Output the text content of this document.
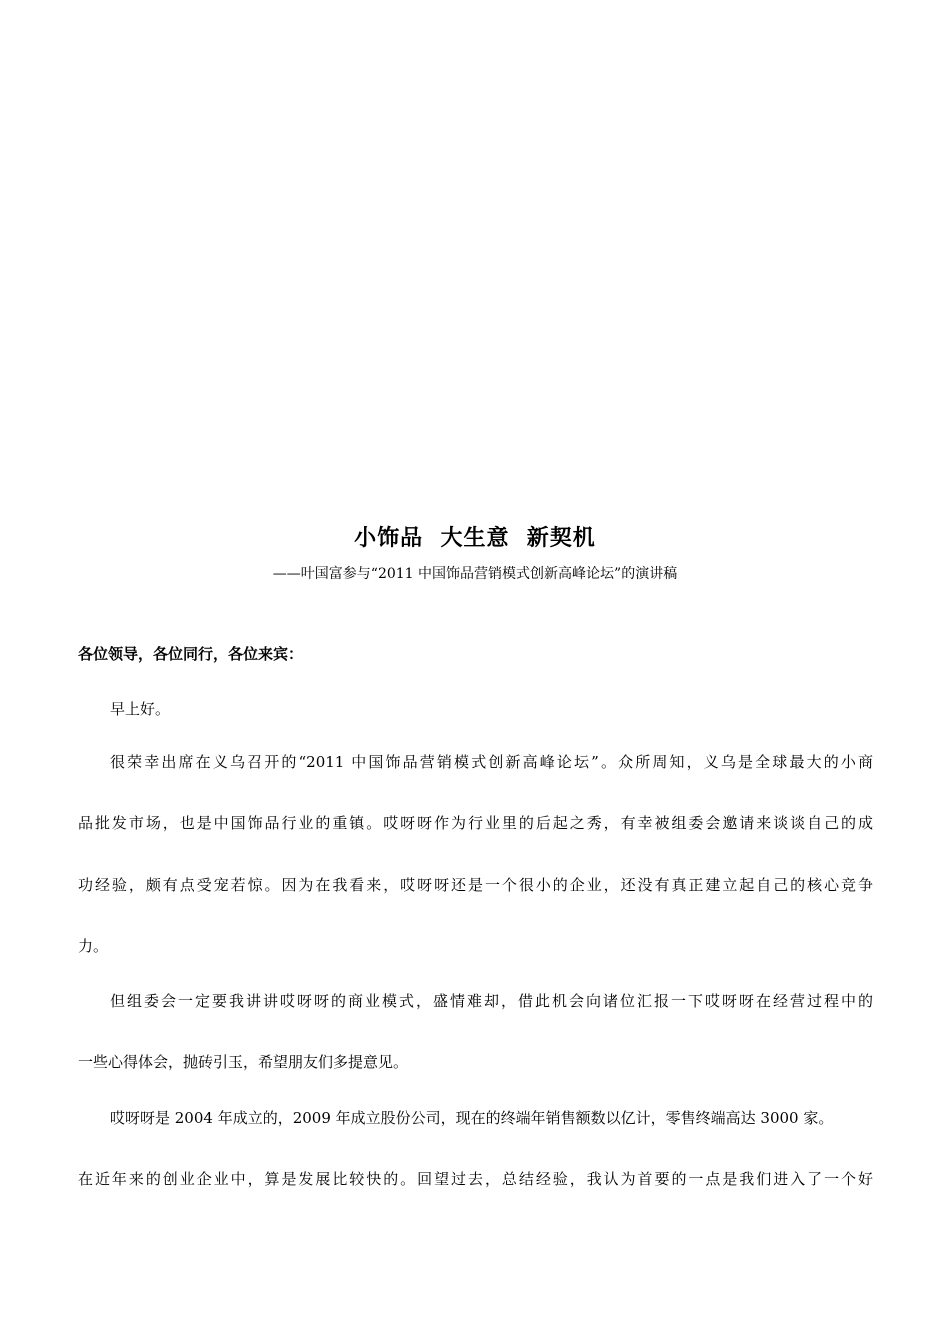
小饰品  大生意  新契机
——叶国富参与“2011 中国饰品营销模式创新高峰论坛”的演讲稿
各位领导，各位同行，各位来宾：
早上好。
很荣幸出席在义乌召开的“2011 中国饰品营销模式创新高峰论坛”。众所周知，义乌是全球最大的小商
品批发市场，也是中国饰品行业的重镇。哎呀呀作为行业里的后起之秀，有幸被组委会邀请来谈谈自己的成
功经验，颇有点受宠若惊。因为在我看来，哎呀呀还是一个很小的企业，还没有真正建立起自己的核心竞争
力。
但组委会一定要我讲讲哎呀呀的商业模式，盛情难却，借此机会向诸位汇报一下哎呀呀在经营过程中的
一些心得体会，抛砖引玉，希望朋友们多提意见。
哎呀呀是 2004 年成立的，2009 年成立股份公司，现在的终端年销售额数以亿计，零售终端高达 3000 家。
在近年来的创业企业中，算是发展比较快的。回望过去，总结经验，我认为首要的一点是我们进入了一个好
